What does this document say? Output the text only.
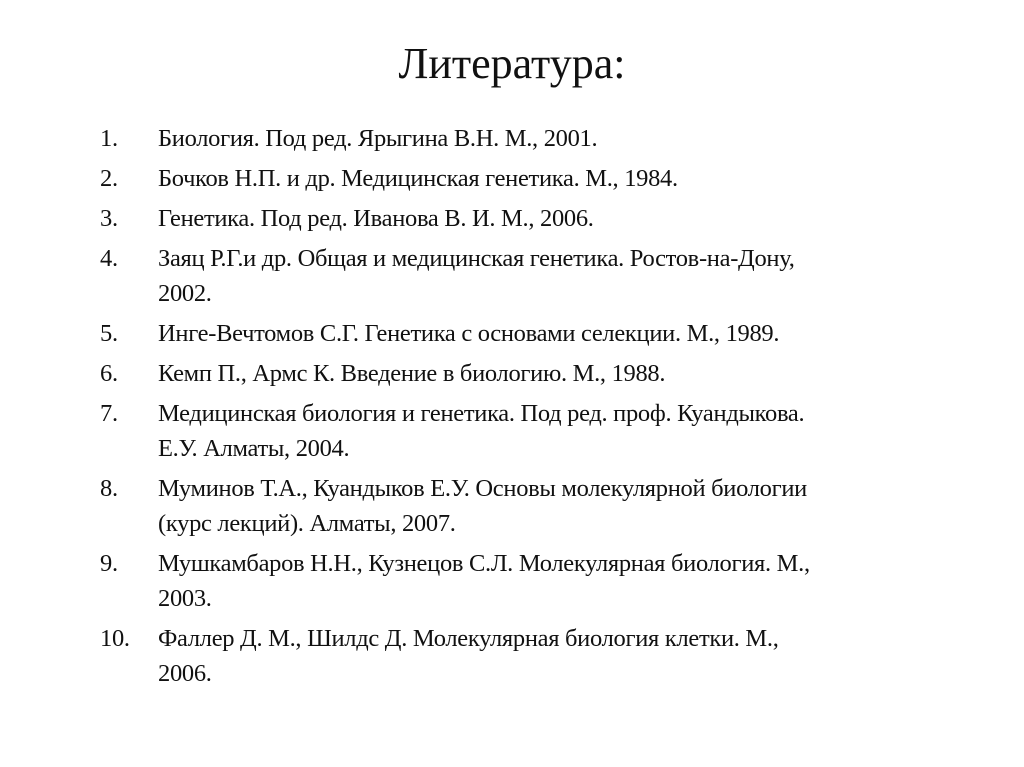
Литература:
1.	Биология. Под ред. Ярыгина В.Н. М., 2001.
2.	Бочков Н.П. и др. Медицинская генетика. М., 1984.
3.	Генетика. Под ред. Иванова В. И. М., 2006.
4.	Заяц Р.Г.и др. Общая и медицинская генетика. Ростов-на-Дону,
2002.
5.	Инге-Вечтомов С.Г. Генетика с основами селекции. М., 1989.
6.	Кемп П., Армс К. Введение в биологию. М., 1988.
7.	Медицинская биология и генетика. Под ред. проф. Куандыкова.
Е.У. Алматы, 2004.
8.	Муминов Т.А., Куандыков Е.У. Основы молекулярной биологии
(курс лекций). Алматы, 2007.
9.	Мушкамбаров Н.Н., Кузнецов С.Л. Молекулярная биология. М.,
2003.
10.	Фаллер Д. М., Шилдс Д. Молекулярная биология клетки. М.,
2006.
